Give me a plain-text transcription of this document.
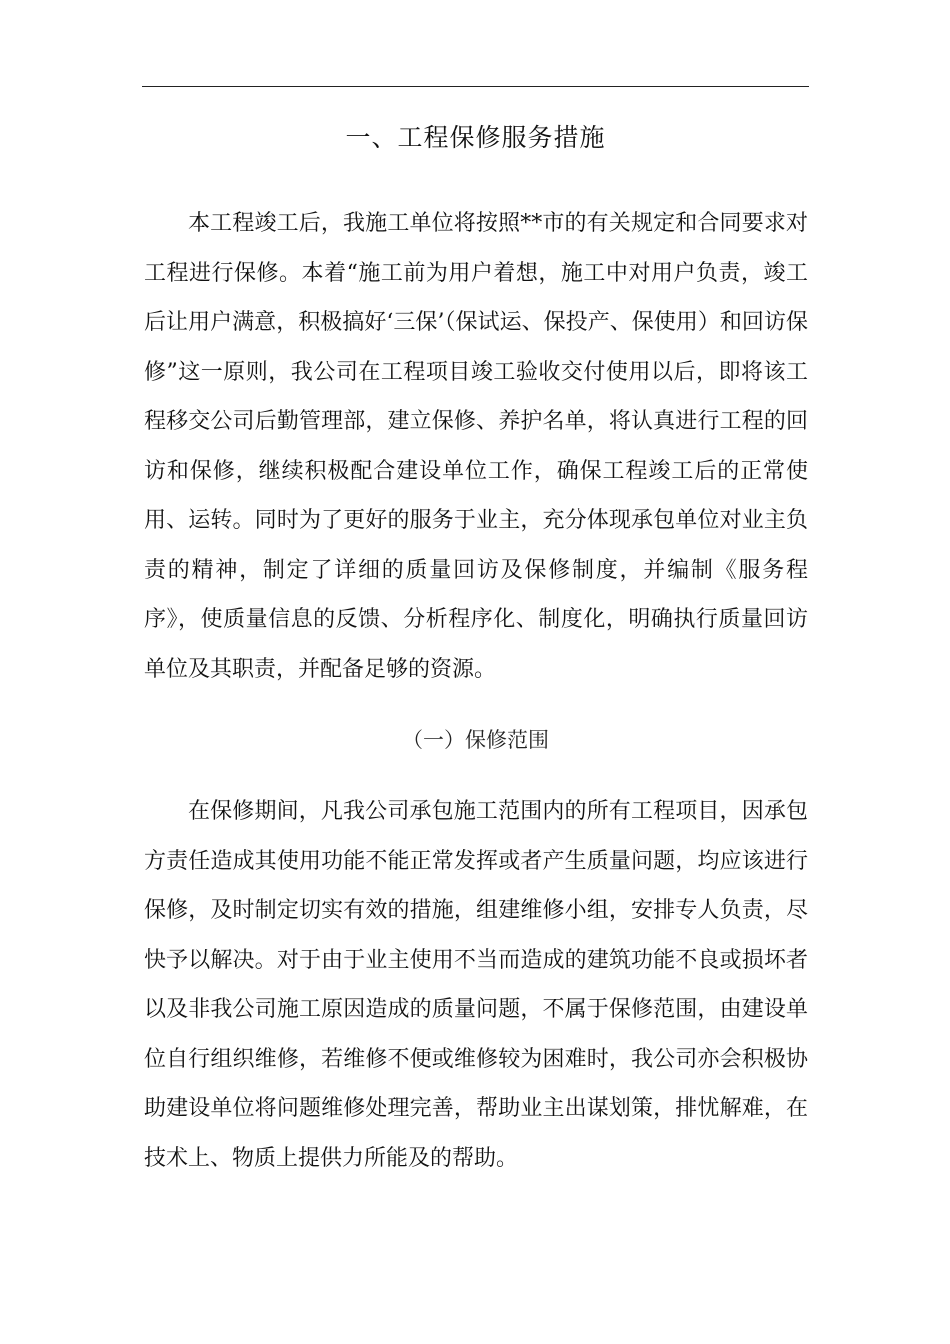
一、工程保修服务措施

本工程竣工后，我施工单位将按照**市的有关规定和合同要求对工程进行保修。本着“施工前为用户着想，施工中对用户负责，竣工后让用户满意，积极搞好‘三保’（保试运、保投产、保使用）和回访保修”这一原则，我公司在工程项目竣工验收交付使用以后，即将该工程移交公司后勤管理部，建立保修、养护名单，将认真进行工程的回访和保修，继续积极配合建设单位工作，确保工程竣工后的正常使用、运转。同时为了更好的服务于业主，充分体现承包单位对业主负责的精神，制定了详细的质量回访及保修制度，并编制《服务程序》，使质量信息的反馈、分析程序化、制度化，明确执行质量回访单位及其职责，并配备足够的资源。

（一）保修范围

在保修期间，凡我公司承包施工范围内的所有工程项目，因承包方责任造成其使用功能不能正常发挥或者产生质量问题，均应该进行保修，及时制定切实有效的措施，组建维修小组，安排专人负责，尽快予以解决。对于由于业主使用不当而造成的建筑功能不良或损坏者以及非我公司施工原因造成的质量问题，不属于保修范围，由建设单位自行组织维修，若维修不便或维修较为困难时，我公司亦会积极协助建设单位将问题维修处理完善，帮助业主出谋划策，排忧解难，在技术上、物质上提供力所能及的帮助。
